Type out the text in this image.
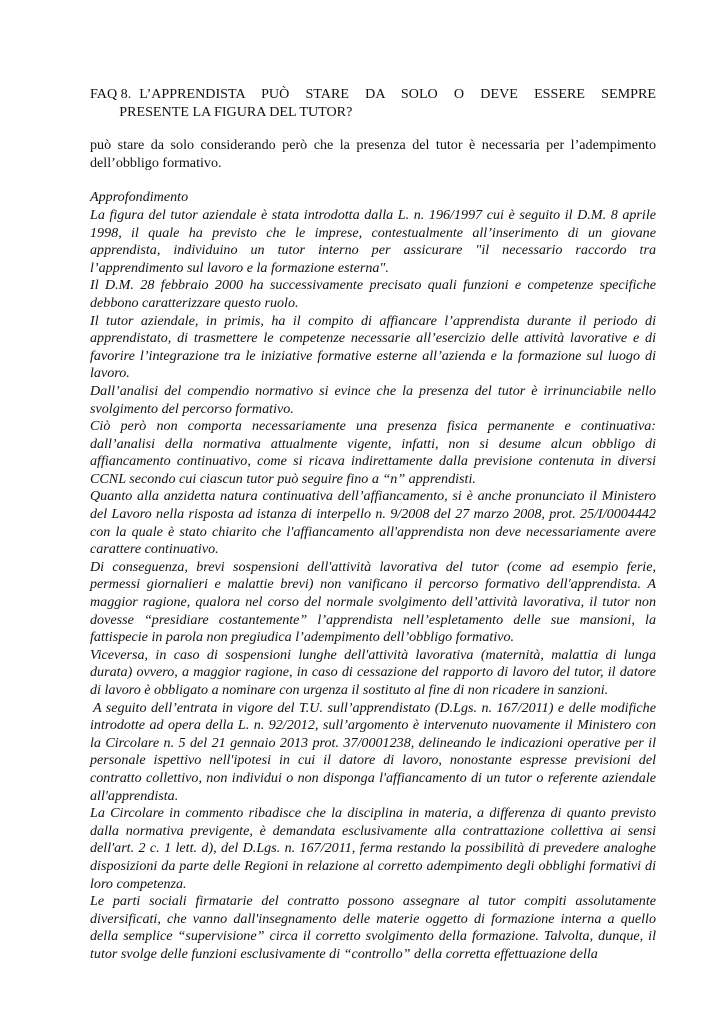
FAQ 8. L’APPRENDISTA PUÒ STARE DA SOLO O DEVE ESSERE SEMPRE
PRESENTE LA FIGURA DEL TUTOR?

può stare da solo considerando però che la presenza del tutor è necessaria per l’adempimento dell’obbligo formativo.

Approfondimento

La figura del tutor aziendale è stata introdotta dalla L. n. 196/1997 cui è seguito il D.M. 8 aprile 1998, il quale ha previsto che le imprese, contestualmente all’inserimento di un giovane apprendista, individuino un tutor interno per assicurare "il necessario raccordo tra l’apprendimento sul lavoro e la formazione esterna".

Il D.M. 28 febbraio 2000 ha successivamente precisato quali funzioni e competenze specifiche debbono caratterizzare questo ruolo.

Il tutor aziendale, in primis, ha il compito di affiancare l’apprendista durante il periodo di apprendistato, di trasmettere le competenze necessarie all’esercizio delle attività lavorative e di favorire l’integrazione tra le iniziative formative esterne all’azienda e la formazione sul luogo di lavoro.

Dall’analisi del compendio normativo si evince che la presenza del tutor è irrinunciabile nello svolgimento del percorso formativo.

Ciò però non comporta necessariamente una presenza fisica permanente e continuativa: dall’analisi della normativa attualmente vigente, infatti, non si desume alcun obbligo di affiancamento continuativo, come si ricava indirettamente dalla previsione contenuta in diversi CCNL secondo cui ciascun tutor può seguire fino a “n” apprendisti.

Quanto alla anzidetta natura continuativa dell’affiancamento, si è anche pronunciato il Ministero del Lavoro nella risposta ad istanza di interpello n. 9/2008 del 27 marzo 2008, prot. 25/I/0004442 con la quale è stato chiarito che l'affiancamento all'apprendista non deve necessariamente avere carattere continuativo.

Di conseguenza, brevi sospensioni dell'attività lavorativa del tutor (come ad esempio ferie, permessi giornalieri e malattie brevi) non vanificano il percorso formativo dell'apprendista. A maggior ragione, qualora nel corso del normale svolgimento dell’attività lavorativa, il tutor non dovesse “presidiare costantemente” l’apprendista nell’espletamento delle sue mansioni, la fattispecie in parola non pregiudica l’adempimento dell’obbligo formativo.

Viceversa, in caso di sospensioni lunghe dell'attività lavorativa (maternità, malattia di lunga durata) ovvero, a maggior ragione, in caso di cessazione del rapporto di lavoro del tutor, il datore di lavoro è obbligato a nominare con urgenza il sostituto al fine di non ricadere in sanzioni.

A seguito dell’entrata in vigore del T.U. sull’apprendistato (D.Lgs. n. 167/2011) e delle modifiche introdotte ad opera della L. n. 92/2012, sull’argomento è intervenuto nuovamente il Ministero con la Circolare n. 5 del 21 gennaio 2013 prot. 37/0001238, delineando le indicazioni operative per il personale ispettivo nell'ipotesi in cui il datore di lavoro, nonostante espresse previsioni del contratto collettivo, non individui o non disponga l'affiancamento di un tutor o referente aziendale all'apprendista.

La Circolare in commento ribadisce che la disciplina in materia, a differenza di quanto previsto dalla normativa previgente, è demandata esclusivamente alla contrattazione collettiva ai sensi dell'art. 2 c. 1 lett. d), del D.Lgs. n. 167/2011, ferma restando la possibilità di prevedere analoghe disposizioni da parte delle Regioni in relazione al corretto adempimento degli obblighi formativi di loro competenza.

Le parti sociali firmatarie del contratto possono assegnare al tutor compiti assolutamente diversificati, che vanno dall'insegnamento delle materie oggetto di formazione interna a quello della semplice “supervisione” circa il corretto svolgimento della formazione. Talvolta, dunque, il tutor svolge delle funzioni esclusivamente di “controllo” della corretta effettuazione della
